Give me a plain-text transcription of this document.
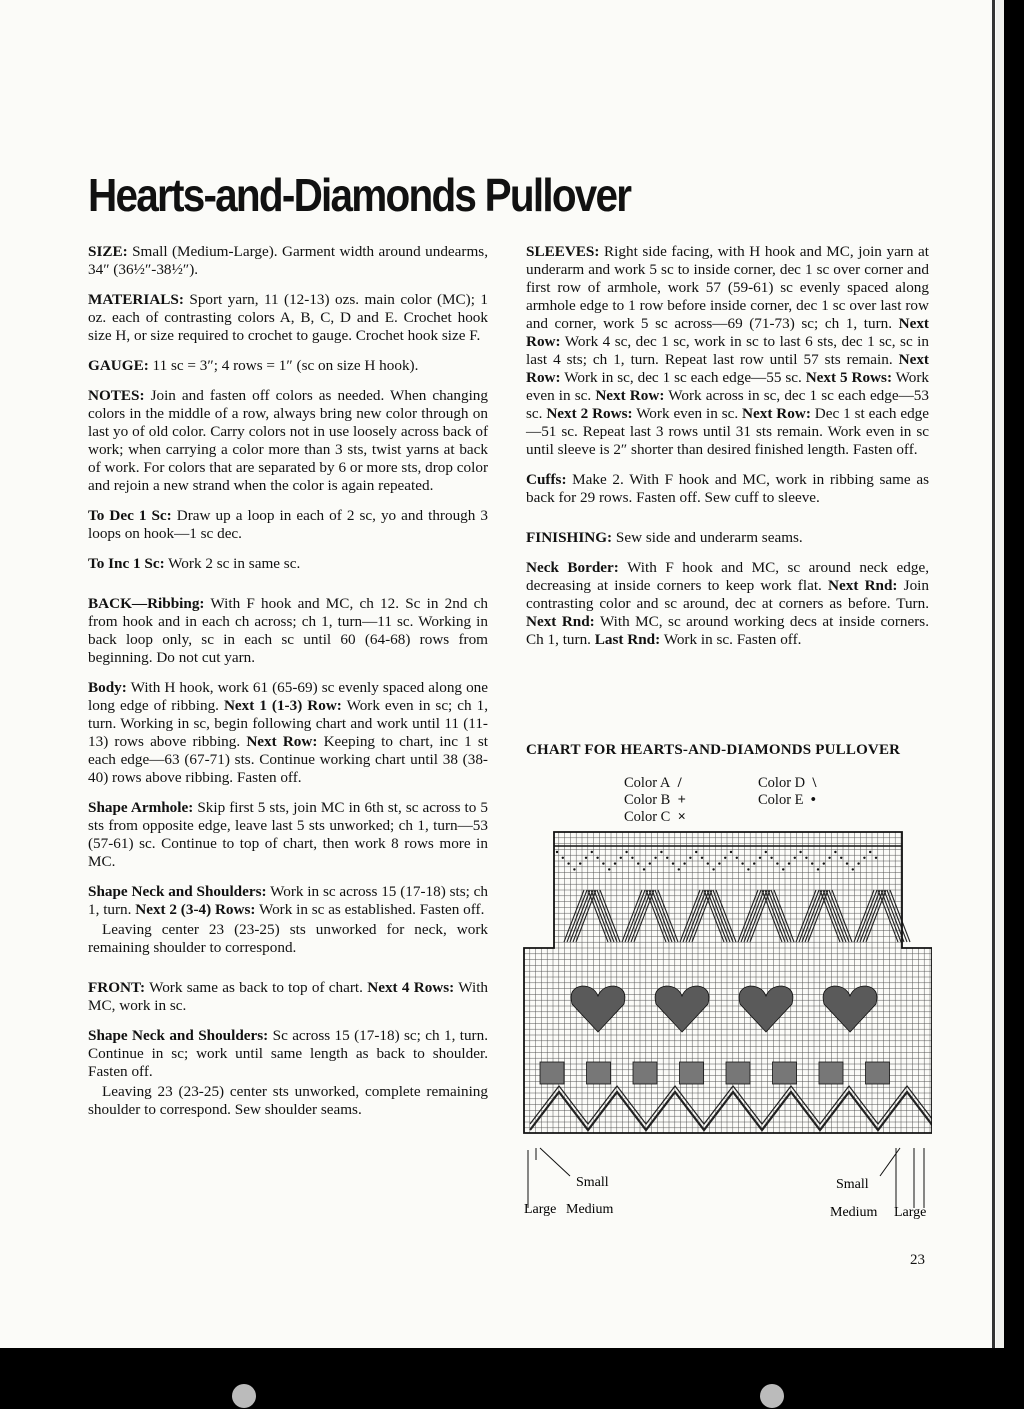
Hearts-and-Diamonds Pullover

SIZE: Small (Medium-Large). Garment width around undearms, 34″ (36½″-38½″).

MATERIALS: Sport yarn, 11 (12-13) ozs. main color (MC); 1 oz. each of contrasting colors A, B, C, D and E. Crochet hook size H, or size required to crochet to gauge. Crochet hook size F.

GAUGE: 11 sc = 3″; 4 rows = 1″ (sc on size H hook).

NOTES: Join and fasten off colors as needed. When changing colors in the middle of a row, always bring new color through on last yo of old color. Carry colors not in use loosely across back of work; when carrying a color more than 3 sts, twist yarns at back of work. For colors that are separated by 6 or more sts, drop color and rejoin a new strand when the color is again repeated.

To Dec 1 Sc: Draw up a loop in each of 2 sc, yo and through 3 loops on hook—1 sc dec.

To Inc 1 Sc: Work 2 sc in same sc.

BACK—Ribbing: With F hook and MC, ch 12. Sc in 2nd ch from hook and in each ch across; ch 1, turn—11 sc. Working in back loop only, sc in each sc until 60 (64-68) rows from beginning. Do not cut yarn.

Body: With H hook, work 61 (65-69) sc evenly spaced along one long edge of ribbing. Next 1 (1-3) Row: Work even in sc; ch 1, turn. Working in sc, begin following chart and work until 11 (11-13) rows above ribbing. Next Row: Keeping to chart, inc 1 st each edge—63 (67-71) sts. Continue working chart until 38 (38-40) rows above ribbing. Fasten off.

Shape Armhole: Skip first 5 sts, join MC in 6th st, sc across to 5 sts from opposite edge, leave last 5 sts unworked; ch 1, turn—53 (57-61) sc. Continue to top of chart, then work 8 rows more in MC.

Shape Neck and Shoulders: Work in sc across 15 (17-18) sts; ch 1, turn. Next 2 (3-4) Rows: Work in sc as established. Fasten off.

Leaving center 23 (23-25) sts unworked for neck, work remaining shoulder to correspond.

FRONT: Work same as back to top of chart. Next 4 Rows: With MC, work in sc.

Shape Neck and Shoulders: Sc across 15 (17-18) sc; ch 1, turn. Continue in sc; work until same length as back to shoulder. Fasten off.

Leaving 23 (23-25) center sts unworked, complete remaining shoulder to correspond. Sew shoulder seams.

SLEEVES: Right side facing, with H hook and MC, join yarn at underarm and work 5 sc to inside corner, dec 1 sc over corner and first row of armhole, work 57 (59-61) sc evenly spaced along armhole edge to 1 row before inside corner, dec 1 sc over last row and corner, work 5 sc across—69 (71-73) sc; ch 1, turn. Next Row: Work 4 sc, dec 1 sc, work in sc to last 6 sts, dec 1 sc, sc in last 4 sts; ch 1, turn. Repeat last row until 57 sts remain. Next Row: Work in sc, dec 1 sc each edge—55 sc. Next 5 Rows: Work even in sc. Next Row: Work across in sc, dec 1 sc each edge—53 sc. Next 2 Rows: Work even in sc. Next Row: Dec 1 st each edge—51 sc. Repeat last 3 rows until 31 sts remain. Work even in sc until sleeve is 2″ shorter than desired finished length. Fasten off.

Cuffs: Make 2. With F hook and MC, work in ribbing same as back for 29 rows. Fasten off. Sew cuff to sleeve.

FINISHING: Sew side and underarm seams.

Neck Border: With F hook and MC, sc around neck edge, decreasing at inside corners to keep work flat. Next Rnd: Join contrasting color and sc around, dec at corners as before. Turn. Next Rnd: With MC, sc around working decs at inside corners. Ch 1, turn. Last Rnd: Work in sc. Fasten off.

CHART FOR HEARTS-AND-DIAMONDS PULLOVER
Color A /
Color B +
Color C ×
Color D \
Color E •
Small
Large Medium
Small
Medium Large
23
